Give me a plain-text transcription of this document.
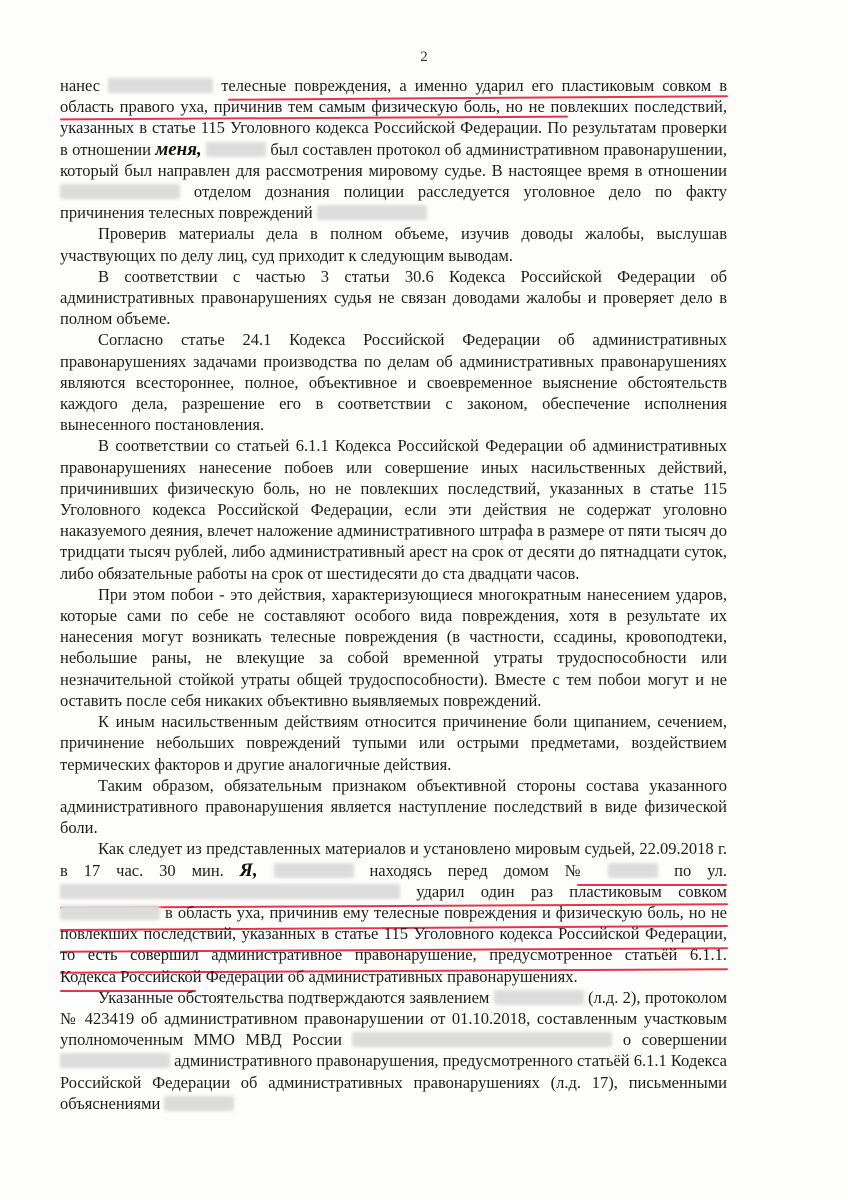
2

нанес	телесные повреждения, а именно ударил его пластиковым совком в область правого уха, причинив тем самым физическую боль, но не повлекших последствий, указанных в статье 115 Уголовного кодекса Российской Федерации. По результатам проверки в отношении меня,	был составлен протокол об административном правонарушении, который был направлен для рассмотрения мировому судье. В настоящее время в отношении  отделом дознания полиции расследуется уголовное дело по факту причинения телесных повреждений

Проверив материалы дела в полном объеме, изучив доводы жалобы, выслушав участвующих по делу лиц, суд приходит к следующим выводам.

В соответствии с частью 3 статьи 30.6 Кодекса Российской Федерации об административных правонарушениях судья не связан доводами жалобы и проверяет дело в полном объеме.

Согласно статье 24.1 Кодекса Российской Федерации об административных правонарушениях задачами производства по делам об административных правонарушениях являются всестороннее, полное, объективное и своевременное выяснение обстоятельств каждого дела, разрешение его в соответствии с законом, обеспечение исполнения вынесенного постановления.

В соответствии со статьей 6.1.1 Кодекса Российской Федерации об административных правонарушениях нанесение побоев или совершение иных насильственных действий, причинивших физическую боль, но не повлекших последствий, указанных в статье 115 Уголовного кодекса Российской Федерации, если эти действия не содержат уголовно наказуемого деяния, влечет наложение административного штрафа в размере от пяти тысяч до тридцати тысяч рублей, либо административный арест на срок от десяти до пятнадцати суток, либо обязательные работы на срок от шестидесяти до ста двадцати часов.

При этом побои - это действия, характеризующиеся многократным нанесением ударов, которые сами по себе не составляют особого вида повреждения, хотя в результате их нанесения могут возникать телесные повреждения (в частности, ссадины, кровоподтеки, небольшие раны, не влекущие за собой временной утраты трудоспособности или незначительной стойкой утраты общей трудоспособности). Вместе с тем побои могут и не оставить после себя никаких объективно выявляемых повреждений.

К иным насильственным действиям относится причинение боли щипанием, сечением, причинение небольших повреждений тупыми или острыми предметами, воздействием термических факторов и другие аналогичные действия.

Таким образом, обязательным признаком объективной стороны состава указанного административного правонарушения является наступление последствий в виде физической боли.

Как следует из представленных материалов и установлено мировым судьей, 22.09.2018 г. в 17 час. 30 мин. Я,	находясь перед домом №	по ул.  ударил один раз пластиковым совком  в область уха, причинив ему телесные повреждения и физическую боль, но не повлекших последствий, указанных в статье 115 Уголовного кодекса Российской Федерации, то есть совершил административное правонарушение, предусмотренное статьёй 6.1.1. Кодекса Российской Федерации об административных правонарушениях.

Указанные обстоятельства подтверждаются заявлением	(л.д. 2), протоколом № 423419 об административном правонарушении от 01.10.2018, составленным участковым уполномоченным ММО МВД России	о совершении  административного правонарушения, предусмотренного статьёй 6.1.1 Кодекса Российской Федерации об административных правонарушениях (л.д. 17), письменными объяснениями
